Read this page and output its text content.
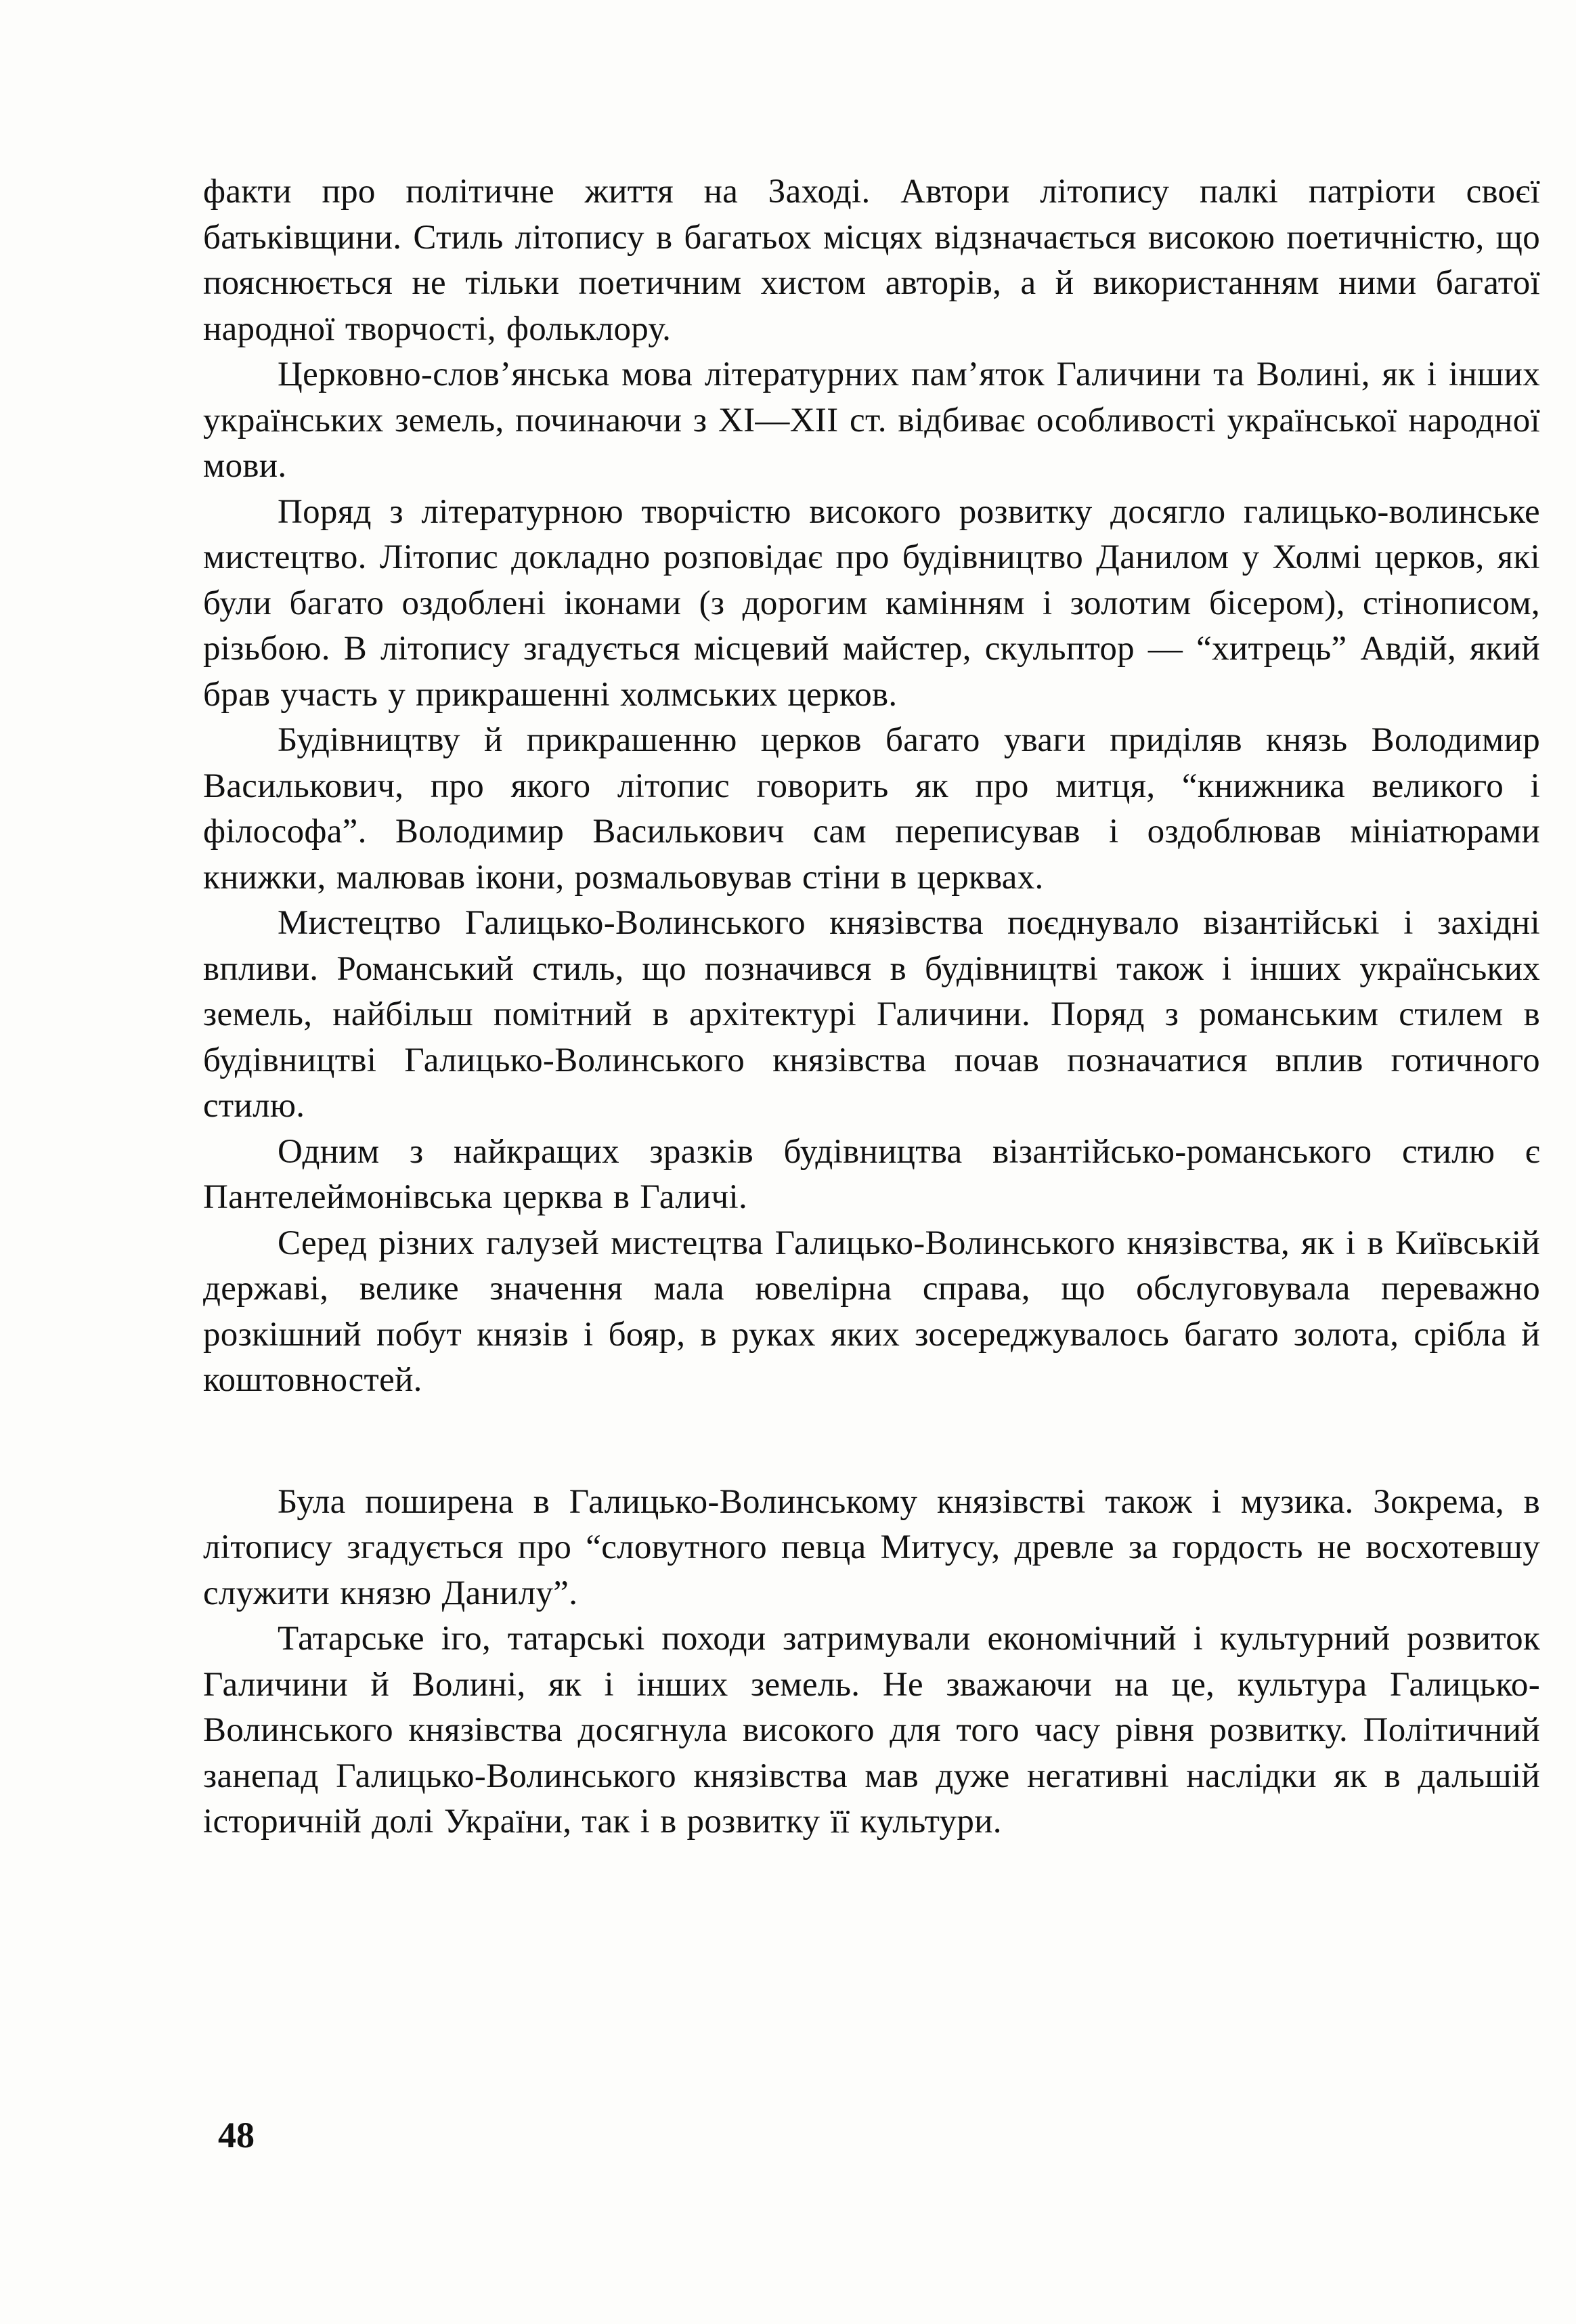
факти про політичне життя на Заході. Автори літопису палкі патріоти своєї батьківщини. Стиль літопису в багатьох місцях відзначається високою поетичністю, що пояснюється не тільки поетичним хистом авторів, а й використанням ними багатої народної творчості, фольклору.

Церковно-слов’янська мова літературних пам’яток Галичини та Волині, як і інших українських земель, починаючи з XI—XII ст. відбиває особливості української народної мови.

Поряд з літературною творчістю високого розвитку досягло галицько-волинське мистецтво. Літопис докладно розповідає про будівництво Данилом у Холмі церков, які були багато оздоблені іконами (з дорогим камінням і золотим бісером), стінописом, різьбою. В літопису згадується місцевий майстер, скульптор — “хитрець” Авдій, який брав участь у прикрашенні холмських церков.

Будівництву й прикрашенню церков багато уваги приділяв князь Володимир Василькович, про якого літопис говорить як про митця, “книжника великого і філософа”. Володимир Василькович сам переписував і оздоблював мініатюрами книжки, малював ікони, розмальовував стіни в церквах.

Мистецтво Галицько-Волинського князівства поєднувало візантійські і західні впливи. Романський стиль, що позначився в будівництві також і інших українських земель, найбільш помітний в архітектурі Галичини. Поряд з романським стилем в будівництві Галицько-Волинського князівства почав позначатися вплив готичного стилю.

Одним з найкращих зразків будівництва візантійсько-романського стилю є Пантелеймонівська церква в Галичі.

Серед різних галузей мистецтва Галицько-Волинського князівства, як і в Київській державі, велике значення мала ювелірна справа, що обслуговувала переважно розкішний побут князів і бояр, в руках яких зосереджувалось багато золота, срібла й коштовностей.

Була поширена в Галицько-Волинському князівстві також і музика. Зокрема, в літопису згадується про “словутного певца Митусу, древле за гордость не восхотевшу служити князю Данилу”.

Татарське іго, татарські походи затримували економічний і культурний розвиток Галичини й Волині, як і інших земель. Не зважаючи на це, культура Галицько-Волинського князівства досягнула високого для того часу рівня розвитку. Політичний занепад Галицько-Волинського князівства мав дуже негативні наслідки як в дальшій історичній долі України, так і в розвитку її культури.

48
